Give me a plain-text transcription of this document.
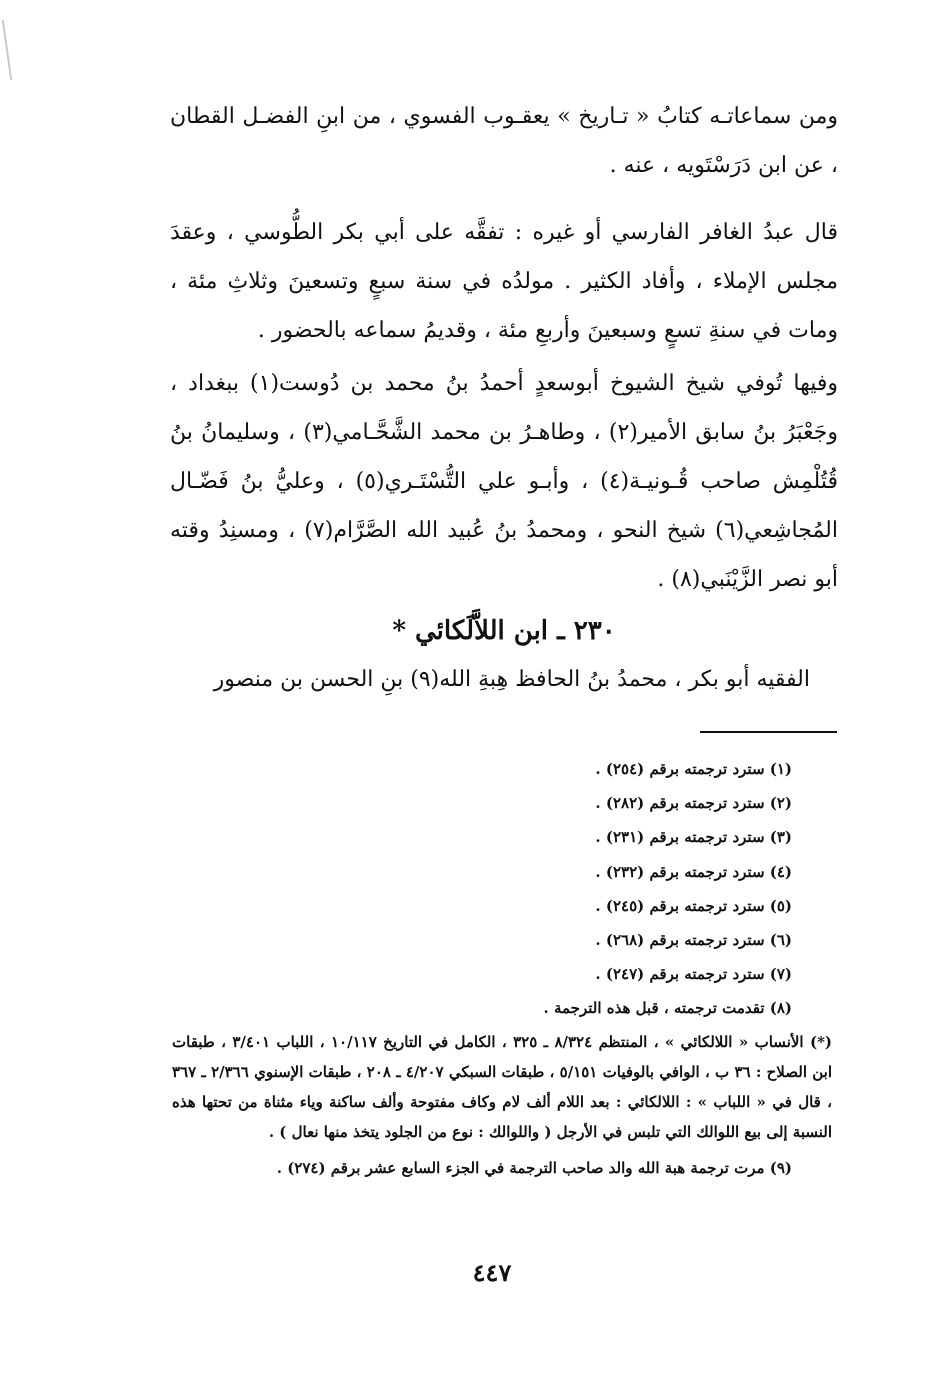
ومن سماعاتـه كتابُ « تـاريخ » يعقـوب الفسوي ، من ابنِ الفضـل القطان ، عن ابن دَرَسْتَويه ، عنه .

قال عبدُ الغافر الفارسي أو غيره : تفقَّه على أبي بكر الطُّوسي ، وعقدَ مجلس الإملاء ، وأفاد الكثير . مولدُه في سنة سبعٍ وتسعينَ وثلاثِ مئة ، ومات في سنةِ تسعٍ وسبعينَ وأربعِ مئة ، وقديمُ سماعه بالحضور .

وفيها تُوفي شيخ الشيوخ أبوسعدٍ أحمدُ بنُ محمد بن دُوست(١) ببغداد ، وجَعْبَرُ بنُ سابق الأمير(٢) ، وطاهـرُ بن محمد الشَّحَّـامي(٣) ، وسليمانُ بنُ قُتُلْمِش صاحب قُـونيـة(٤) ، وأبـو علي التُّسْتَـري(٥) ، وعليُّ بنُ فَضّـال المُجاشِعي(٦) شيخ النحو ، ومحمدُ بنُ عُبيد الله الصَّرَّام(٧) ، ومسنِدُ وقته أبو نصر الزَّيْنَبي(٨) .

٢٣٠ ـ ابن اللاَّلَكائي *
الفقيه أبو بكر ، محمدُ بنُ الحافظ هِبةِ الله(٩) بنِ الحسن بن منصور

(١) سترد ترجمته برقم (٢٥٤) .

(٢) سترد ترجمته برقم (٢٨٢) .

(٣) سترد ترجمته برقم (٢٣١) .

(٤) سترد ترجمته برقم (٢٣٢) .

(٥) سترد ترجمته برقم (٢٤٥) .

(٦) سترد ترجمته برقم (٢٦٨) .

(٧) سترد ترجمته برقم (٢٤٧) .

(٨) تقدمت ترجمته ، قبل هذه الترجمة .

(*) الأنساب « اللالكائي » ، المنتظم ٨/٣٢٤ ـ ٣٢٥ ، الكامل في التاريخ ١٠/١١٧ ، اللباب ٣/٤٠١ ، طبقات ابن الصلاح : ٣٦ ب ، الوافي بالوفيات ٥/١٥١ ، طبقات السبكي ٤/٢٠٧ ـ ٢٠٨ ، طبقات الإسنوي ٢/٣٦٦ ـ ٣٦٧ ، قال في « اللباب » : اللالكائي : بعد اللام ألف لام وكاف مفتوحة وألف ساكنة وياء مثناة من تحتها هذه النسبة إلى بيع اللوالك التي تلبس في الأرجل ( واللوالك : نوع من الجلود يتخذ منها نعال ) .

(٩) مرت ترجمة هبة الله والد صاحب الترجمة في الجزء السابع عشر برقم (٢٧٤) .

٤٤٧
